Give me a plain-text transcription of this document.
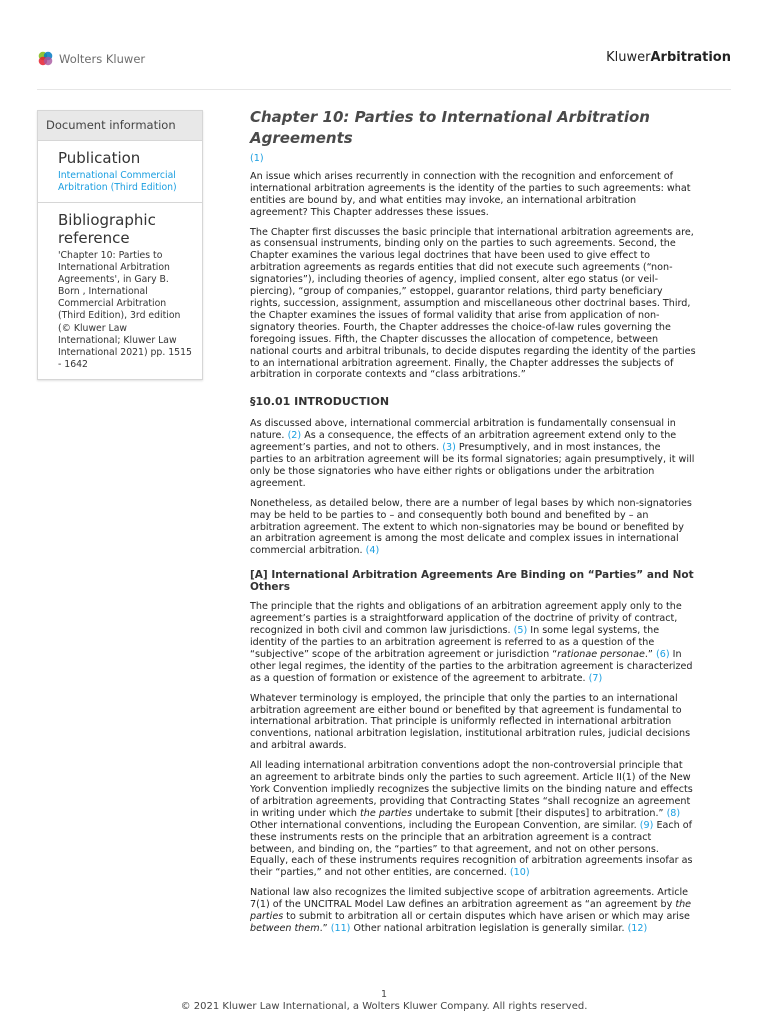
Wolters Kluwer	KluwerArbitration
Document information
Publication
International Commercial Arbitration (Third Edition)
Bibliographic reference
'Chapter 10: Parties to International Arbitration Agreements', in Gary B. Born , International Commercial Arbitration (Third Edition), 3rd edition (© Kluwer Law International; Kluwer Law International 2021) pp. 1515 - 1642
Chapter 10: Parties to International Arbitration Agreements
(1)

An issue which arises recurrently in connection with the recognition and enforcement of international arbitration agreements is the identity of the parties to such agreements: what entities are bound by, and what entities may invoke, an international arbitration agreement? This Chapter addresses these issues.

The Chapter first discusses the basic principle that international arbitration agreements are, as consensual instruments, binding only on the parties to such agreements. Second, the Chapter examines the various legal doctrines that have been used to give effect to arbitration agreements as regards entities that did not execute such agreements (“non-signatories”), including theories of agency, implied consent, alter ego status (or veil-piercing), “group of companies,” estoppel, guarantor relations, third party beneficiary rights, succession, assignment, assumption and miscellaneous other doctrinal bases. Third, the Chapter examines the issues of formal validity that arise from application of non-signatory theories. Fourth, the Chapter addresses the choice-of-law rules governing the foregoing issues. Fifth, the Chapter discusses the allocation of competence, between national courts and arbitral tribunals, to decide disputes regarding the identity of the parties to an international arbitration agreement. Finally, the Chapter addresses the subjects of arbitration in corporate contexts and “class arbitrations.”

§10.01 INTRODUCTION

As discussed above, international commercial arbitration is fundamentally consensual in nature. (2) As a consequence, the effects of an arbitration agreement extend only to the agreement’s parties, and not to others. (3) Presumptively, and in most instances, the parties to an arbitration agreement will be its formal signatories; again presumptively, it will only be those signatories who have either rights or obligations under the arbitration agreement.

Nonetheless, as detailed below, there are a number of legal bases by which non-signatories may be held to be parties to – and consequently both bound and benefited by – an arbitration agreement. The extent to which non-signatories may be bound or benefited by an arbitration agreement is among the most delicate and complex issues in international commercial arbitration. (4)

[A] International Arbitration Agreements Are Binding on “Parties” and Not Others

The principle that the rights and obligations of an arbitration agreement apply only to the agreement’s parties is a straightforward application of the doctrine of privity of contract, recognized in both civil and common law jurisdictions. (5) In some legal systems, the identity of the parties to an arbitration agreement is referred to as a question of the “subjective” scope of the arbitration agreement or jurisdiction “rationae personae.” (6) In other legal regimes, the identity of the parties to the arbitration agreement is characterized as a question of formation or existence of the agreement to arbitrate. (7)

Whatever terminology is employed, the principle that only the parties to an international arbitration agreement are either bound or benefited by that agreement is fundamental to international arbitration. That principle is uniformly reflected in international arbitration conventions, national arbitration legislation, institutional arbitration rules, judicial decisions and arbitral awards.

All leading international arbitration conventions adopt the non-controversial principle that an agreement to arbitrate binds only the parties to such agreement. Article II(1) of the New York Convention impliedly recognizes the subjective limits on the binding nature and effects of arbitration agreements, providing that Contracting States “shall recognize an agreement in writing under which the parties undertake to submit [their disputes] to arbitration.” (8) Other international conventions, including the European Convention, are similar. (9) Each of these instruments rests on the principle that an arbitration agreement is a contract between, and binding on, the “parties” to that agreement, and not on other persons. Equally, each of these instruments requires recognition of arbitration agreements insofar as their “parties,” and not other entities, are concerned. (10)

National law also recognizes the limited subjective scope of arbitration agreements. Article 7(1) of the UNCITRAL Model Law defines an arbitration agreement as “an agreement by the parties to submit to arbitration all or certain disputes which have arisen or which may arise between them.” (11) Other national arbitration legislation is generally similar. (12)

1
© 2021 Kluwer Law International, a Wolters Kluwer Company. All rights reserved.
